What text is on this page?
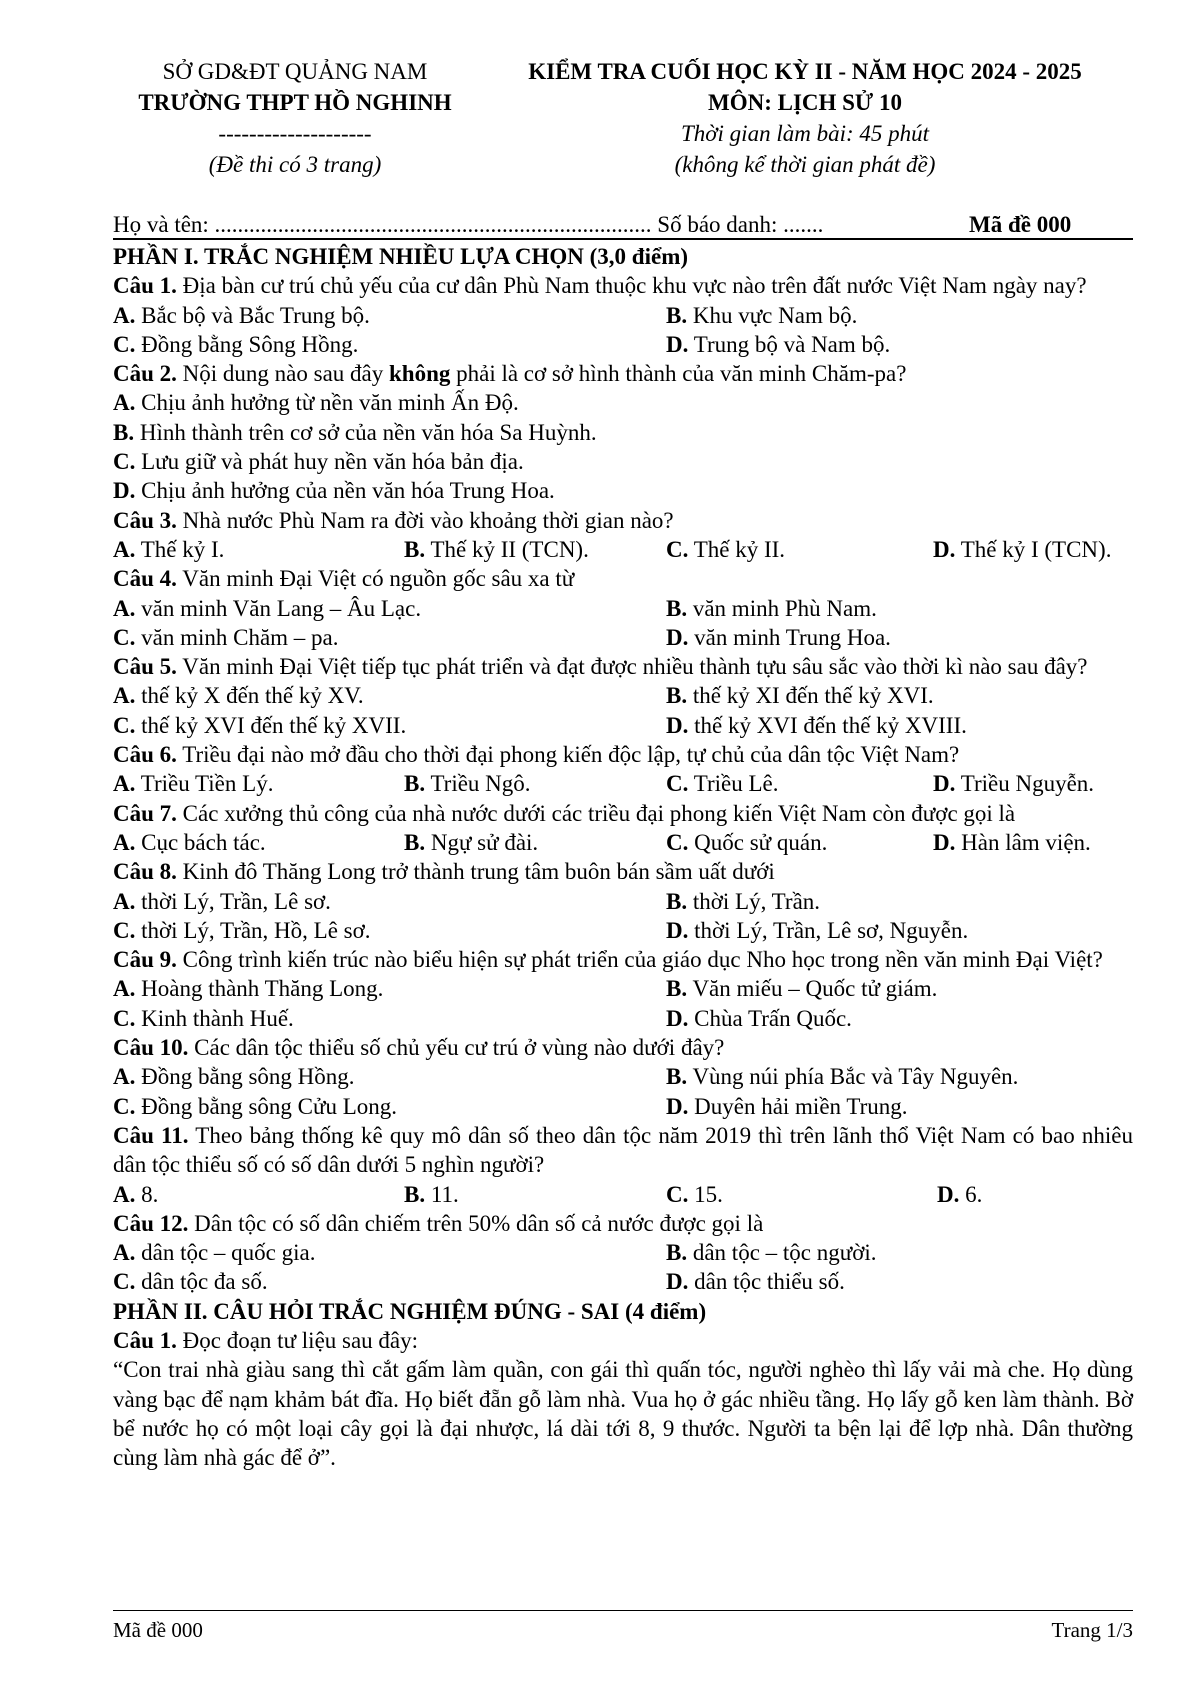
SỞ GD&ĐT QUẢNG NAM
TRƯỜNG THPT HỒ NGHINH
--------------------
(Đề thi có 3 trang)
KIỂM TRA CUỐI HỌC KỲ II - NĂM HỌC 2024 - 2025
MÔN: LỊCH SỬ 10
Thời gian làm bài: 45 phút
(không kể thời gian phát đề)
Họ và tên: ............................................................................ Số báo danh: .......	Mã đề 000
PHẦN I. TRẮC NGHIỆM NHIỀU LỰA CHỌN (3,0 điểm)
Câu 1. Địa bàn cư trú chủ yếu của cư dân Phù Nam thuộc khu vực nào trên đất nước Việt Nam ngày nay?
A. Bắc bộ và Bắc Trung bộ.	B. Khu vực Nam bộ.
C. Đồng bằng Sông Hồng.	D. Trung bộ và Nam bộ.
Câu 2. Nội dung nào sau đây không phải là cơ sở hình thành của văn minh Chăm-pa?
A. Chịu ảnh hưởng từ nền văn minh Ấn Độ.
B. Hình thành trên cơ sở của nền văn hóa Sa Huỳnh.
C. Lưu giữ và phát huy nền văn hóa bản địa.
D. Chịu ảnh hưởng của nền văn hóa Trung Hoa.
Câu 3. Nhà nước Phù Nam ra đời vào khoảng thời gian nào?
A. Thế kỷ I.	B. Thế kỷ II (TCN).	C. Thế kỷ II.	D. Thế kỷ I (TCN).
Câu 4. Văn minh Đại Việt có nguồn gốc sâu xa từ
A. văn minh Văn Lang – Âu Lạc.	B. văn minh Phù Nam.
C. văn minh Chăm – pa.	D. văn minh Trung Hoa.
Câu 5. Văn minh Đại Việt tiếp tục phát triển và đạt được nhiều thành tựu sâu sắc vào thời kì nào sau đây?
A. thế kỷ X đến thế kỷ XV.	B. thế kỷ XI đến thế kỷ XVI.
C. thế kỷ XVI đến thế kỷ XVII.	D. thế kỷ XVI đến thế kỷ XVIII.
Câu 6. Triều đại nào mở đầu cho thời đại phong kiến độc lập, tự chủ của dân tộc Việt Nam?
A. Triều Tiền Lý.	B. Triều Ngô.	C. Triều Lê.	D. Triều Nguyễn.
Câu 7. Các xưởng thủ công của nhà nước dưới các triều đại phong kiến Việt Nam còn được gọi là
A. Cục bách tác.	B. Ngự sử đài.	C. Quốc sử quán.	D. Hàn lâm viện.
Câu 8. Kinh đô Thăng Long trở thành trung tâm buôn bán sầm uất dưới
A. thời Lý, Trần, Lê sơ.	B. thời Lý, Trần.
C. thời Lý, Trần, Hồ, Lê sơ.	D. thời Lý, Trần, Lê sơ, Nguyễn.
Câu 9. Công trình kiến trúc nào biểu hiện sự phát triển của giáo dục Nho học trong nền văn minh Đại Việt?
A. Hoàng thành Thăng Long.	B. Văn miếu – Quốc tử giám.
C. Kinh thành Huế.	D. Chùa Trấn Quốc.
Câu 10. Các dân tộc thiểu số chủ yếu cư trú ở vùng nào dưới đây?
A. Đồng bằng sông Hồng.	B. Vùng núi phía Bắc và Tây Nguyên.
C. Đồng bằng sông Cửu Long.	D. Duyên hải miền Trung.
Câu 11. Theo bảng thống kê quy mô dân số theo dân tộc năm 2019 thì trên lãnh thổ Việt Nam có bao nhiêu dân tộc thiểu số có số dân dưới 5 nghìn người?
A. 8.	B. 11.	C. 15.	D. 6.
Câu 12. Dân tộc có số dân chiếm trên 50% dân số cả nước được gọi là
A. dân tộc – quốc gia.	B. dân tộc – tộc người.
C. dân tộc đa số.	D. dân tộc thiểu số.
PHẦN II. CÂU HỎI TRẮC NGHIỆM ĐÚNG - SAI (4 điểm)
Câu 1. Đọc đoạn tư liệu sau đây:
“Con trai nhà giàu sang thì cắt gấm làm quần, con gái thì quấn tóc, người nghèo thì lấy vải mà che. Họ dùng vàng bạc để nạm khảm bát đĩa. Họ biết đẵn gỗ làm nhà. Vua họ ở gác nhiều tầng. Họ lấy gỗ ken làm thành. Bờ bể nước họ có một loại cây gọi là đại nhược, lá dài tới 8, 9 thước. Người ta bện lại để lợp nhà. Dân thường cùng làm nhà gác để ở”.
Mã đề 000	Trang 1/3
